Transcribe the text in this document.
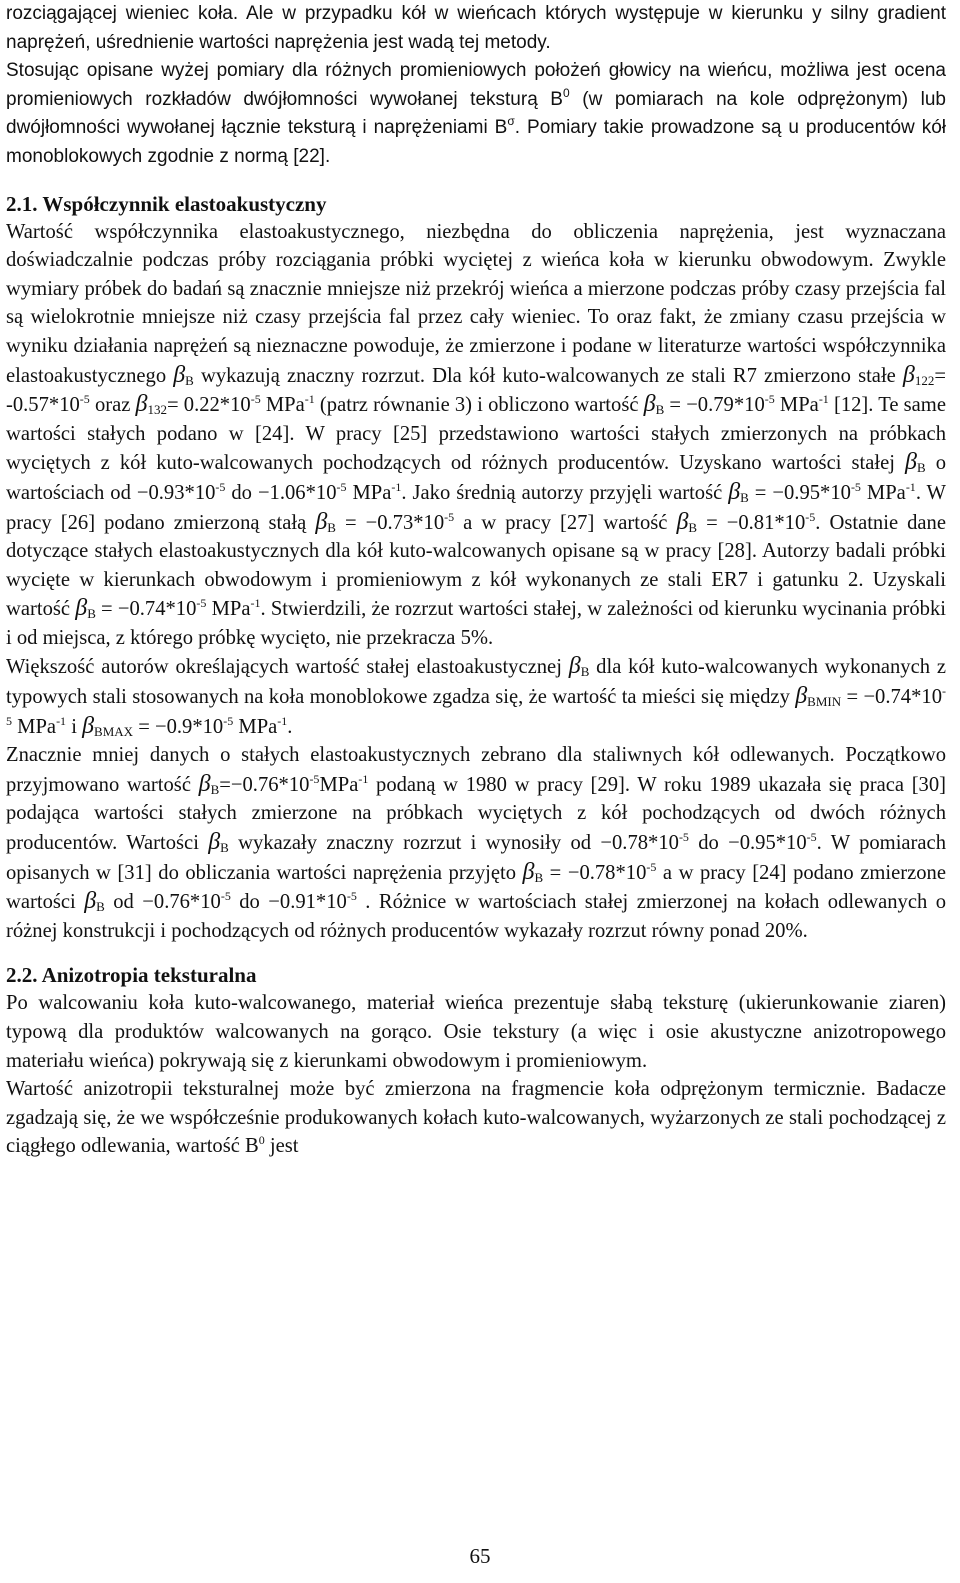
rozciągającej wieniec koła. Ale w przypadku kół w wieńcach których występuje w kierunku y silny gradient naprężeń, uśrednienie wartości naprężenia jest wadą tej metody.

Stosując opisane wyżej pomiary dla różnych promieniowych położeń głowicy na wieńcu, możliwa jest ocena promieniowych rozkładów dwójłomności wywołanej teksturą $B^0$ (w pomiarach na kole odprężonym) lub dwójłomności wywołanej łącznie teksturą i naprężeniami $B^\sigma$. Pomiary takie prowadzone są u producentów kół monoblokowych zgodnie z normą [22].

2.1. Współczynnik elastoakustyczny

Wartość współczynnika elastoakustycznego, niezbędna do obliczenia naprężenia, jest wyznaczana doświadczalnie podczas próby rozciągania próbki wyciętej z wieńca koła w kierunku obwodowym. Zwykle wymiary próbek do badań są znacznie mniejsze niż przekrój wieńca a mierzone podczas próby czasy przejścia fal są wielokrotnie mniejsze niż czasy przejścia fal przez cały wieniec. To oraz fakt, że zmiany czasu przejścia w wyniku działania naprężeń są nieznaczne powoduje, że zmierzone i podane w literaturze wartości współczynnika elastoakustycznego $\beta_B$ wykazują znaczny rozrzut. Dla kół kuto-walcowanych ze stali R7 zmierzono stałe $\beta_{122}= -0.57*10^{-5}$ oraz $\beta_{132}= 0.22*10^{-5}$ MPa$^{-1}$ (patrz równanie 3) i obliczono wartość $\beta_B = -0.79*10^{-5}$ MPa$^{-1}$ [12]. Te same wartości stałych podano w [24]. W pracy [25] przedstawiono wartości stałych zmierzonych na próbkach wyciętych z kół kuto-walcowanych pochodzących od różnych producentów. Uzyskano wartości stałej $\beta_B$ o wartościach od $-0.93*10^{-5}$ do $-1.06*10^{-5}$ MPa$^{-1}$. Jako średnią autorzy przyjęli wartość $\beta_B = -0.95*10^{-5}$ MPa$^{-1}$. W pracy [26] podano zmierzoną stałą $\beta_B = -0.73*10^{-5}$ a w pracy [27] wartość $\beta_B = -0.81*10^{-5}$. Ostatnie dane dotyczące stałych elastoakustycznych dla kół kuto-walcowanych opisane są w pracy [28]. Autorzy badali próbki wycięte w kierunkach obwodowym i promieniowym z kół wykonanych ze stali ER7 i gatunku 2. Uzyskali wartość $\beta_B = -0.74*10^{-5}$ MPa$^{-1}$. Stwierdzili, że rozrzut wartości stałej, w zależności od kierunku wycinania próbki i od miejsca, z którego próbkę wycięto, nie przekracza 5%.

Większość autorów określających wartość stałej elastoakustycznej $\beta_B$ dla kół kuto-walcowanych wykonanych z typowych stali stosowanych na koła monoblokowe zgadza się, że wartość ta mieści się między $\beta_{BMIN} = -0.74*10^{-5}$ MPa$^{-1}$ i $\beta_{BMAX} = -0.9*10^{-5}$ MPa$^{-1}$.

Znacznie mniej danych o stałych elastoakustycznych zebrano dla staliwnych kół odlewanych. Początkowo przyjmowano wartość $\beta_B=-0.76*10^{-5}MPa^{-1}$ podaną w 1980 w pracy [29]. W roku 1989 ukazała się praca [30] podająca wartości stałych zmierzone na próbkach wyciętych z kół pochodzących od dwóch różnych producentów. Wartości $\beta_B$ wykazały znaczny rozrzut i wynosiły od $-0.78*10^{-5}$ do $-0.95*10^{-5}$. W pomiarach opisanych w [31] do obliczania wartości naprężenia przyjęto $\beta_B = -0.78*10^{-5}$ a w pracy [24] podano zmierzone wartości $\beta_B$ od $-0.76*10^{-5}$ do $-0.91*10^{-5}$ . Różnice w wartościach stałej zmierzonej na kołach odlewanych o różnej konstrukcji i pochodzących od różnych producentów wykazały rozrzut równy ponad 20%.

2.2. Anizotropia teksturalna

Po walcowaniu koła kuto-walcowanego, materiał wieńca prezentuje słabą teksturę (ukierunkowanie ziaren) typową dla produktów walcowanych na gorąco. Osie tekstury (a więc i osie akustyczne anizotropowego materiału wieńca) pokrywają się z kierunkami obwodowym i promieniowym.

Wartość anizotropii teksturalnej może być zmierzona na fragmencie koła odprężonym termicznie. Badacze zgadzają się, że we współcześnie produkowanych kołach kuto-walcowanych, wyżarzonych ze stali pochodzącej z ciągłego odlewania, wartość $B^0$ jest

65
